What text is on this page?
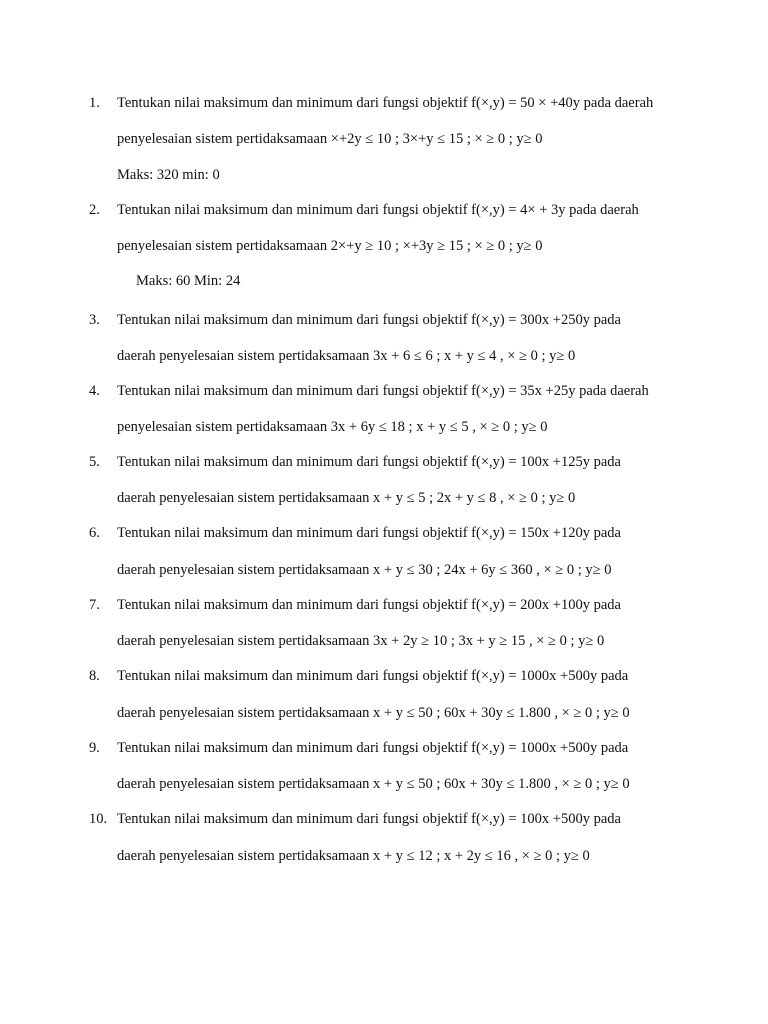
1. Tentukan nilai maksimum dan minimum dari fungsi objektif f(×,y) = 50 × +40y pada daerah
penyelesaian sistem pertidaksamaan ×+2y ≤ 10 ; 3×+y ≤ 15 ; × ≥ 0 ; y≥ 0
Maks: 320 min: 0
2. Tentukan nilai maksimum dan minimum dari fungsi objektif f(×,y) = 4× + 3y pada daerah
penyelesaian sistem pertidaksamaan 2×+y ≥ 10 ; ×+3y ≥ 15 ; × ≥ 0 ; y≥ 0
Maks: 60 Min: 24
3. Tentukan nilai maksimum dan minimum dari fungsi objektif f(×,y) = 300x +250y pada
daerah penyelesaian sistem pertidaksamaan 3x + 6 ≤ 6 ; x + y ≤ 4 , × ≥ 0 ; y≥ 0
4. Tentukan nilai maksimum dan minimum dari fungsi objektif f(×,y) = 35x +25y pada daerah
penyelesaian sistem pertidaksamaan 3x + 6y ≤ 18 ; x + y ≤ 5 , × ≥ 0 ; y≥ 0
5. Tentukan nilai maksimum dan minimum dari fungsi objektif f(×,y) = 100x +125y pada
daerah penyelesaian sistem pertidaksamaan x + y ≤ 5 ; 2x + y ≤ 8 , × ≥ 0 ; y≥ 0
6. Tentukan nilai maksimum dan minimum dari fungsi objektif f(×,y) = 150x +120y pada
daerah penyelesaian sistem pertidaksamaan x + y ≤ 30 ; 24x + 6y ≤ 360 , × ≥ 0 ; y≥ 0
7. Tentukan nilai maksimum dan minimum dari fungsi objektif f(×,y) = 200x +100y pada
daerah penyelesaian sistem pertidaksamaan 3x + 2y ≥ 10 ; 3x + y ≥ 15 , × ≥ 0 ; y≥ 0
8. Tentukan nilai maksimum dan minimum dari fungsi objektif f(×,y) = 1000x +500y pada
daerah penyelesaian sistem pertidaksamaan x + y ≤ 50 ; 60x + 30y ≤ 1.800 , × ≥ 0 ; y≥ 0
9. Tentukan nilai maksimum dan minimum dari fungsi objektif f(×,y) = 1000x +500y pada
daerah penyelesaian sistem pertidaksamaan x + y ≤ 50 ; 60x + 30y ≤ 1.800 , × ≥ 0 ; y≥ 0
10. Tentukan nilai maksimum dan minimum dari fungsi objektif f(×,y) = 100x +500y pada
daerah penyelesaian sistem pertidaksamaan x + y ≤ 12 ; x + 2y ≤ 16 , × ≥ 0 ; y≥ 0
